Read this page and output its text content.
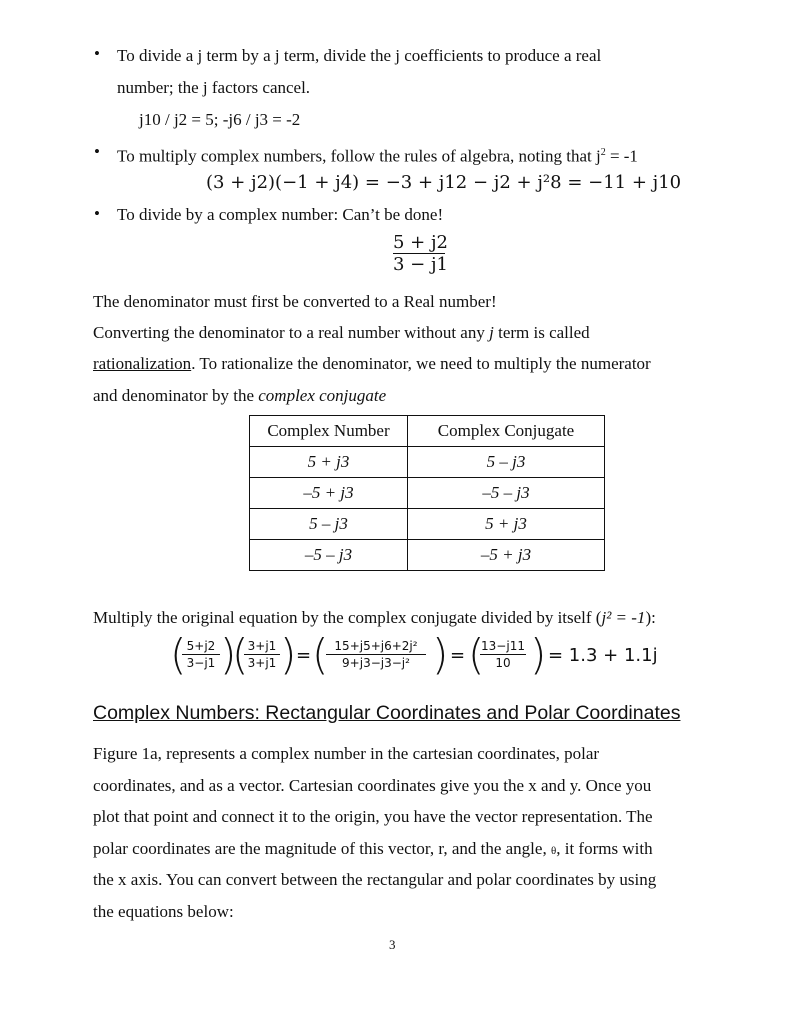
• To divide a j term by a j term, divide the j coefficients to produce a real
number; the j factors cancel.
j10 / j2 = 5; -j6 / j3 = -2
• To multiply complex numbers, follow the rules of algebra, noting that $j^2 = -1$
(3 + j2)(−1 + j4) = −3 + j12 − j2 + j²8 = −11 + j10
• To divide by a complex number: Can’t be done!
5 + j2
3 − j1
The denominator must first be converted to a Real number!
Converting the denominator to a real number without any j term is called
rationalization. To rationalize the denominator, we need to multiply the numerator
and denominator by the complex conjugate
Complex Number	Complex Conjugate
5 + j3	5 – j3
–5 + j3	–5 – j3
5 – j3	5 + j3
–5 – j3	–5 + j3
Multiply the original equation by the complex conjugate divided by itself (j² = -1):
( 5+j2
3−j1 )
( 3+j1
3+j1 ) = ( 15+j5+j6+2j²
9+j3−j3−j² ) = (
13−j11
10 ) = 1.3 + 1.1j
Complex Numbers: Rectangular Coordinates and Polar Coordinates
Figure 1a, represents a complex number in the cartesian coordinates, polar
coordinates, and as a vector. Cartesian coordinates give you the x and y. Once you
plot that point and connect it to the origin, you have the vector representation. The
polar coordinates are the magnitude of this vector, r, and the angle, θ, it forms with
the x axis. You can convert between the rectangular and polar coordinates by using
the equations below:
3
